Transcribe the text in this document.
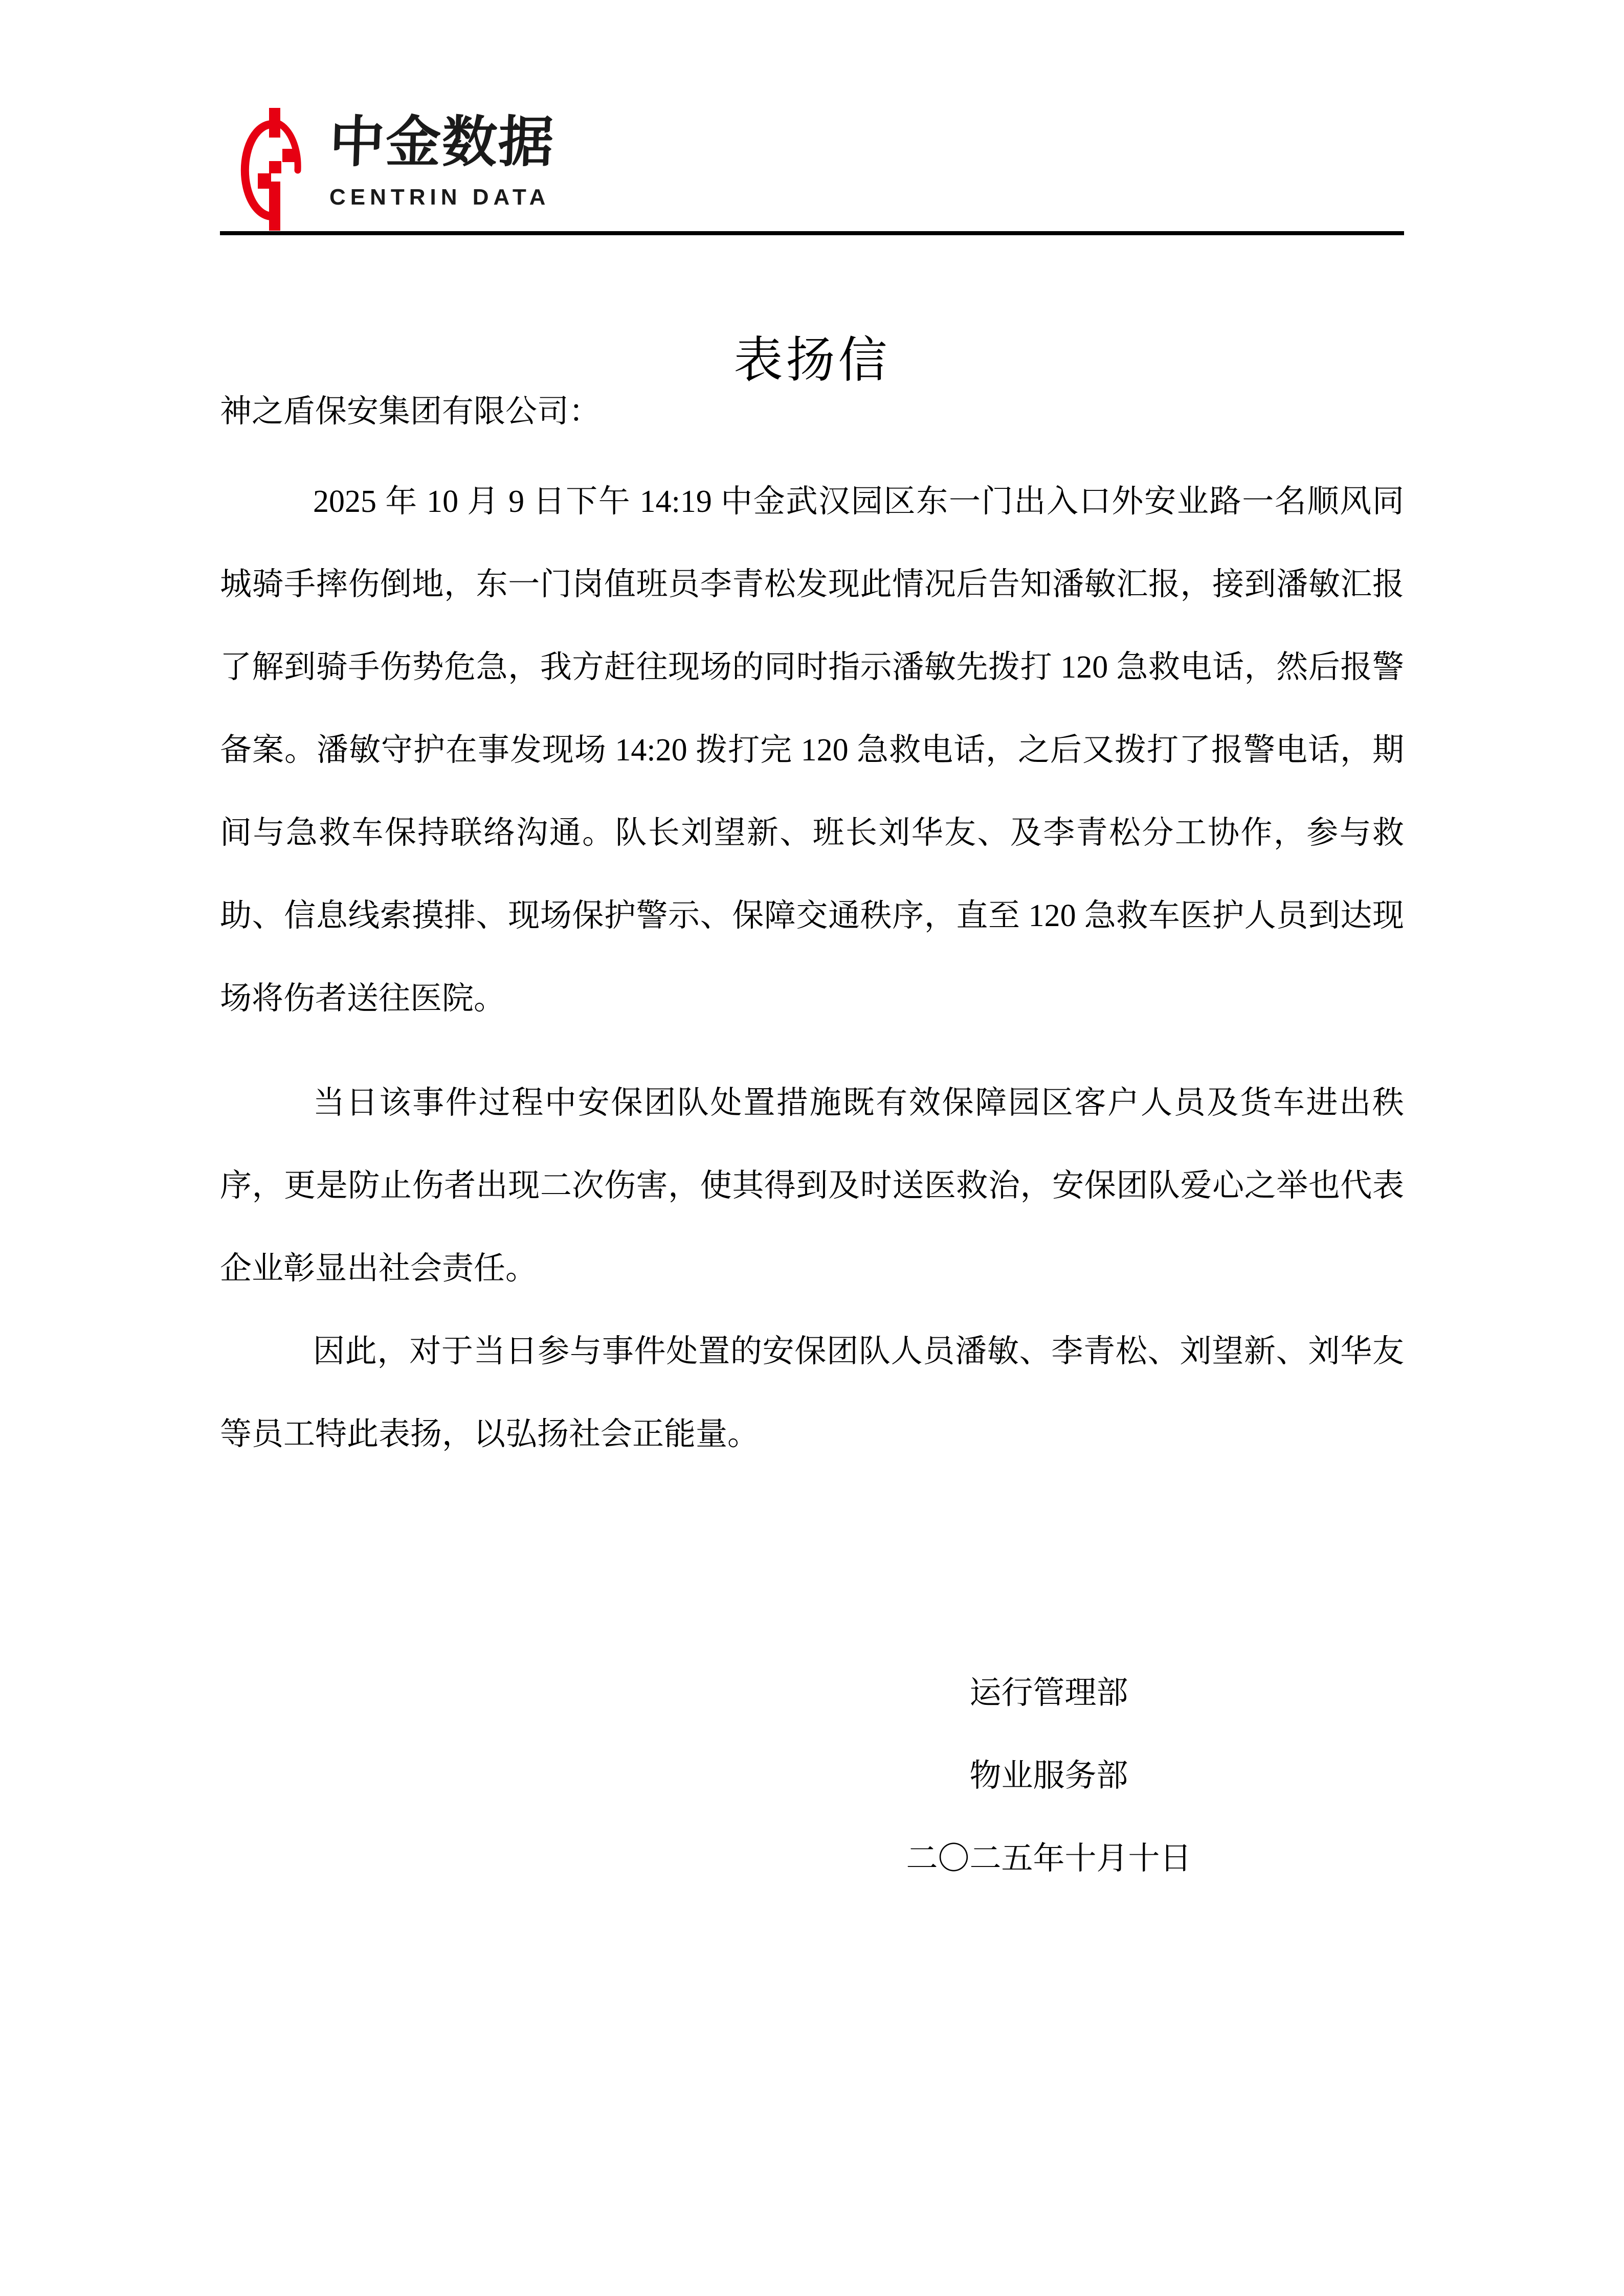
中金数据
CENTRIN DATA
表扬信
神之盾保安集团有限公司：

2025 年 10 月 9 日下午 14:19 中金武汉园区东一门出入口外安业路一名顺风同城骑手摔伤倒地，东一门岗值班员李青松发现此情况后告知潘敏汇报，接到潘敏汇报了解到骑手伤势危急，我方赶往现场的同时指示潘敏先拨打 120 急救电话，然后报警备案。潘敏守护在事发现场 14:20 拨打完 120 急救电话，之后又拨打了报警电话，期间与急救车保持联络沟通。队长刘望新、班长刘华友、及李青松分工协作，参与救助、信息线索摸排、现场保护警示、保障交通秩序，直至 120 急救车医护人员到达现场将伤者送往医院。

当日该事件过程中安保团队处置措施既有效保障园区客户人员及货车进出秩序，更是防止伤者出现二次伤害，使其得到及时送医救治，安保团队爱心之举也代表企业彰显出社会责任。

因此，对于当日参与事件处置的安保团队人员潘敏、李青松、刘望新、刘华友等员工特此表扬，以弘扬社会正能量。

运行管理部
物业服务部
二〇二五年十月十日
